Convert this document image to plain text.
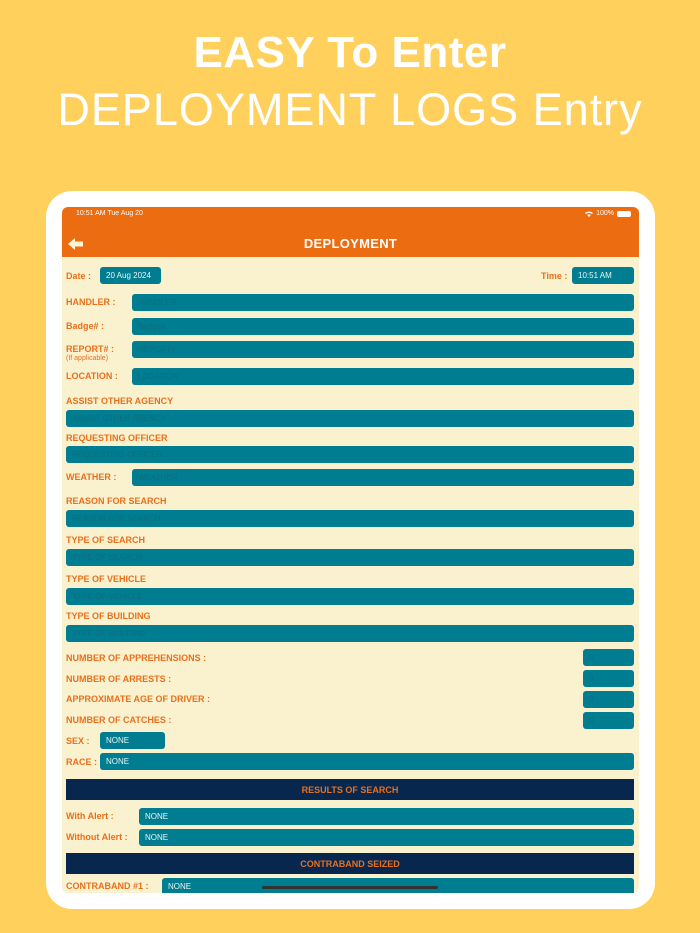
EASY To Enter
DEPLOYMENT LOGS Entry
10:51 AM Tue Aug 20	100%
DEPLOYMENT
Date :	20 Aug 2024	Time :	10:51 AM
HANDLER :	HANDLER
Badge# :	Badge#
REPORT# :
(If applicable)
REPORT#
LOCATION :	LOCATION
ASSIST OTHER AGENCY
ASSIST OTHER AGENCY
REQUESTING OFFICER
REQUESTING OFFICER
WEATHER :	WEATHER
REASON FOR SEARCH
REASON FOR SEARCH
TYPE OF SEARCH
TYPE OF SEARCH
TYPE OF VEHICLE
TYPE OF VEHICLE
TYPE OF BUILDING
TYPE OF BUILDING
NUMBER OF APPREHENSIONS :	0
NUMBER OF ARRESTS :	0
APPROXIMATE AGE OF DRIVER :	0
NUMBER OF CATCHES :	0
SEX :	NONE
RACE :	NONE
RESULTS OF SEARCH
With Alert :	NONE
Without Alert :	NONE
CONTRABAND SEIZED
CONTRABAND #1 :	NONE
